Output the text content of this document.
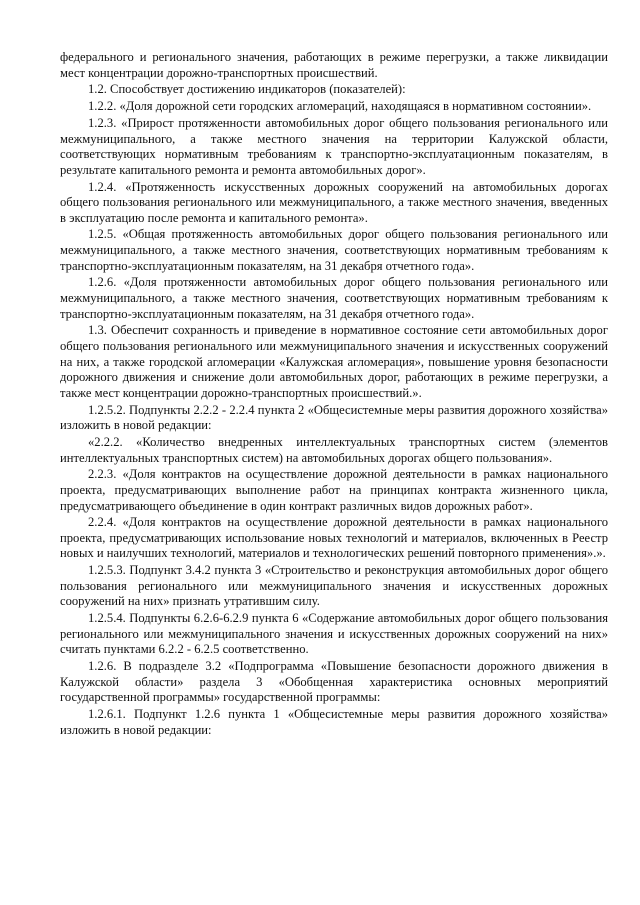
федерального и регионального значения, работающих в режиме перегрузки, а также ликвидации мест концентрации дорожно-транспортных происшествий.

1.2. Способствует достижению индикаторов (показателей):

1.2.2. «Доля дорожной сети городских агломераций, находящаяся в нормативном состоянии».

1.2.3. «Прирост протяженности автомобильных дорог общего пользования регионального или межмуниципального, а также местного значения на территории Калужской области, соответствующих нормативным требованиям к транспортно-эксплуатационным показателям, в результате капитального ремонта и ремонта автомобильных дорог».

1.2.4. «Протяженность искусственных дорожных сооружений на автомобильных дорогах общего пользования регионального или межмуниципального, а также местного значения, введенных в эксплуатацию после ремонта и капитального ремонта».

1.2.5. «Общая протяженность автомобильных дорог общего пользования регионального или межмуниципального, а также местного значения, соответствующих нормативным требованиям к транспортно-эксплуатационным показателям, на 31 декабря отчетного года».

1.2.6. «Доля протяженности автомобильных дорог общего пользования регионального или межмуниципального, а также местного значения, соответствующих нормативным требованиям к транспортно-эксплуатационным показателям, на 31 декабря отчетного года».

1.3. Обеспечит сохранность и приведение в нормативное состояние сети автомобильных дорог общего пользования регионального или межмуниципального значения и искусственных сооружений на них, а также городской агломерации «Калужская агломерация», повышение уровня безопасности дорожного движения и снижение доли автомобильных дорог, работающих в режиме перегрузки, а также мест концентрации дорожно-транспортных происшествий.».

1.2.5.2. Подпункты 2.2.2 - 2.2.4 пункта 2 «Общесистемные меры развития дорожного хозяйства» изложить в новой редакции:

«2.2.2. «Количество внедренных интеллектуальных транспортных систем (элементов интеллектуальных транспортных систем) на автомобильных дорогах общего пользования».

2.2.3. «Доля контрактов на осуществление дорожной деятельности в рамках национального проекта, предусматривающих выполнение работ на принципах контракта жизненного цикла, предусматривающего объединение в один контракт различных видов дорожных работ».

2.2.4. «Доля контрактов на осуществление дорожной деятельности в рамках национального проекта, предусматривающих использование новых технологий и материалов, включенных в Реестр новых и наилучших технологий, материалов и технологических решений повторного применения».».

1.2.5.3. Подпункт 3.4.2 пункта 3 «Строительство и реконструкция автомобильных дорог общего пользования регионального или межмуниципального значения и искусственных дорожных сооружений на них» признать утратившим силу.

1.2.5.4. Подпункты 6.2.6-6.2.9 пункта 6 «Содержание автомобильных дорог общего пользования регионального или межмуниципального значения и искусственных дорожных сооружений на них» считать пунктами 6.2.2 - 6.2.5 соответственно.

1.2.6. В подразделе 3.2 «Подпрограмма «Повышение безопасности дорожного движения в Калужской области» раздела 3 «Обобщенная характеристика основных мероприятий государственной программы» государственной программы:

1.2.6.1. Подпункт 1.2.6 пункта 1 «Общесистемные меры развития дорожного хозяйства» изложить в новой редакции:
